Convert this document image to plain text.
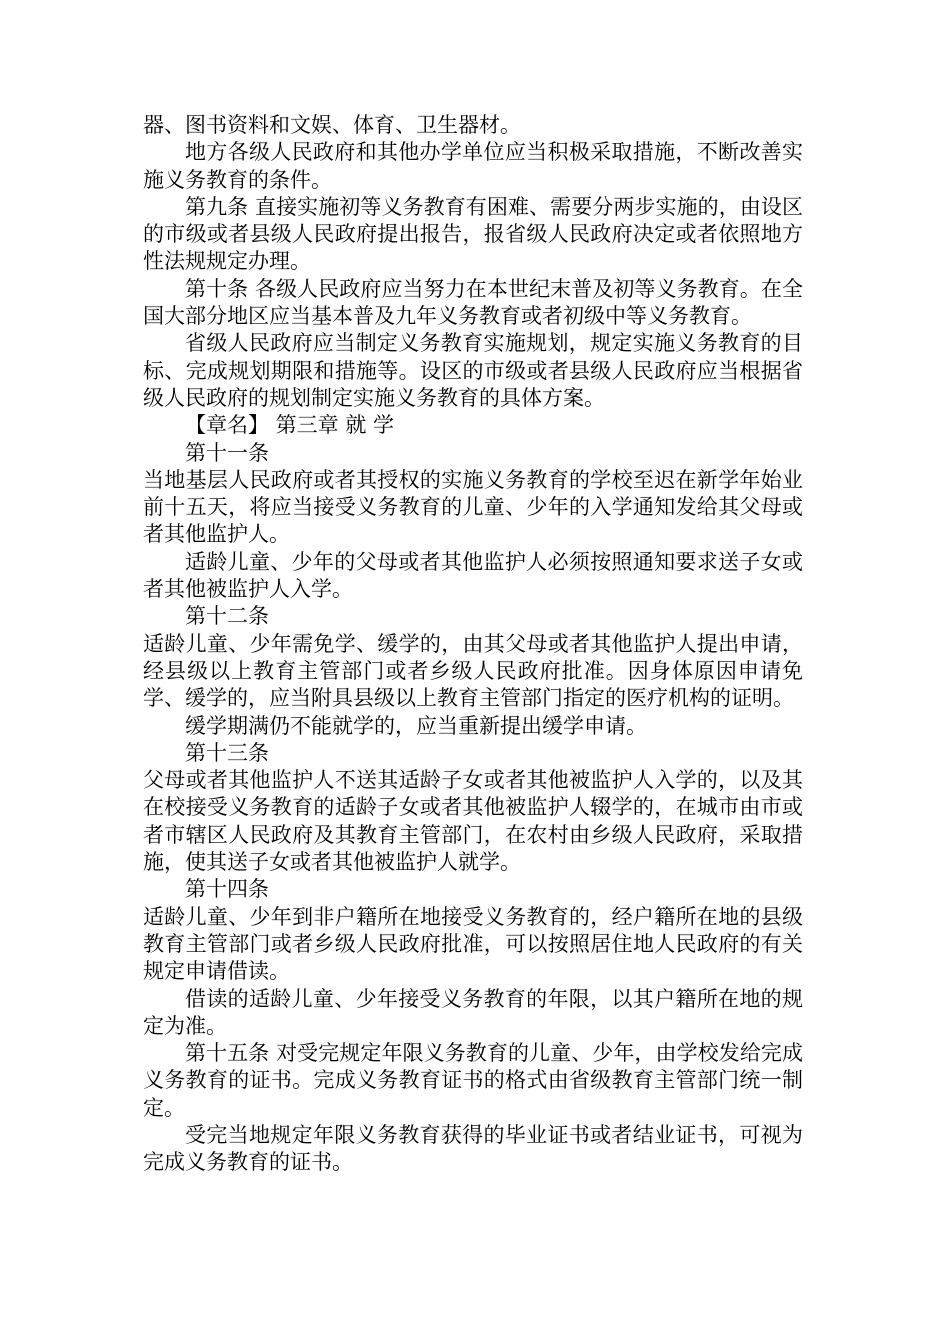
器、图书资料和文娱、体育、卫生器材。

地方各级人民政府和其他办学单位应当积极采取措施，不断改善实施义务教育的条件。

第九条 直接实施初等义务教育有困难、需要分两步实施的，由设区的市级或者县级人民政府提出报告，报省级人民政府决定或者依照地方性法规规定办理。

第十条 各级人民政府应当努力在本世纪末普及初等义务教育。在全国大部分地区应当基本普及九年义务教育或者初级中等义务教育。

省级人民政府应当制定义务教育实施规划，规定实施义务教育的目标、完成规划期限和措施等。设区的市级或者县级人民政府应当根据省级人民政府的规划制定实施义务教育的具体方案。

【章名】 第三章 就 学

第十一条

当地基层人民政府或者其授权的实施义务教育的学校至迟在新学年始业前十五天，将应当接受义务教育的儿童、少年的入学通知发给其父母或者其他监护人。

适龄儿童、少年的父母或者其他监护人必须按照通知要求送子女或者其他被监护人入学。

第十二条

适龄儿童、少年需免学、缓学的，由其父母或者其他监护人提出申请，经县级以上教育主管部门或者乡级人民政府批准。因身体原因申请免学、缓学的，应当附具县级以上教育主管部门指定的医疗机构的证明。

缓学期满仍不能就学的，应当重新提出缓学申请。

第十三条

父母或者其他监护人不送其适龄子女或者其他被监护人入学的，以及其在校接受义务教育的适龄子女或者其他被监护人辍学的，在城市由市或者市辖区人民政府及其教育主管部门，在农村由乡级人民政府，采取措施，使其送子女或者其他被监护人就学。

第十四条

适龄儿童、少年到非户籍所在地接受义务教育的，经户籍所在地的县级教育主管部门或者乡级人民政府批准，可以按照居住地人民政府的有关规定申请借读。

借读的适龄儿童、少年接受义务教育的年限，以其户籍所在地的规定为准。

第十五条 对受完规定年限义务教育的儿童、少年，由学校发给完成义务教育的证书。完成义务教育证书的格式由省级教育主管部门统一制定。

受完当地规定年限义务教育获得的毕业证书或者结业证书，可视为完成义务教育的证书。
